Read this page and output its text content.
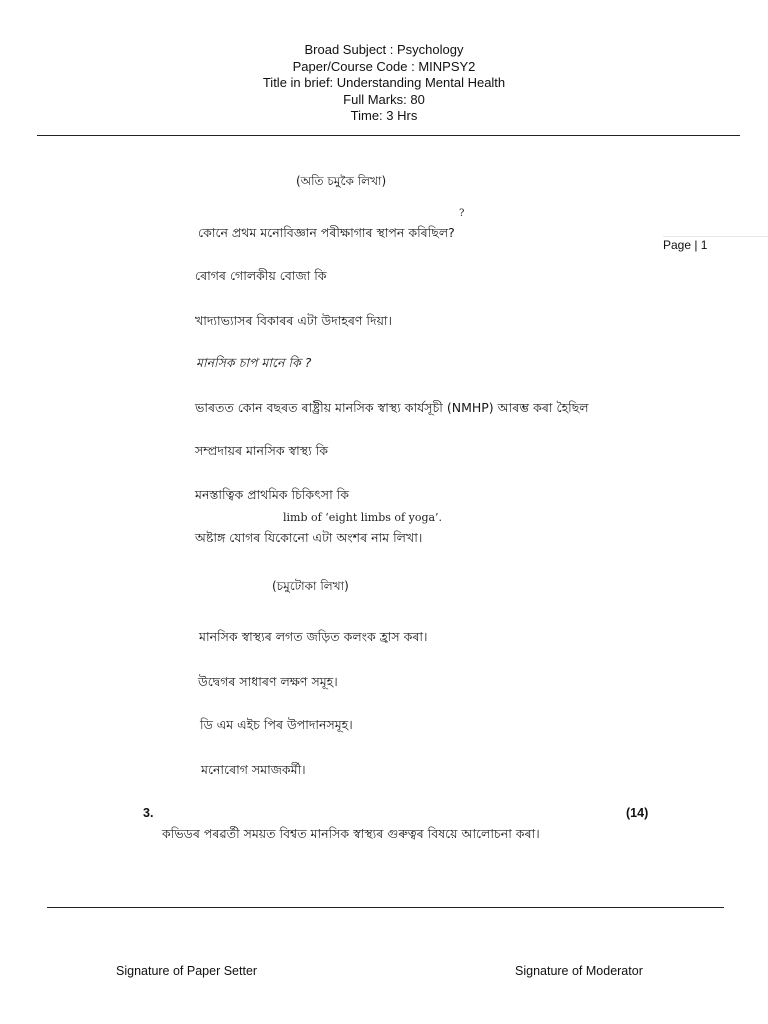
Broad Subject : Psychology
Paper/Course Code : MINPSY2
Title in brief: Understanding Mental Health
Full Marks: 80
Time: 3 Hrs
Page | 1
(অতি চমুকৈ লিখা)
?
কোনে প্ৰথম মনোবিজ্ঞান পৰীক্ষাগাৰ স্থাপন কৰিছিল?
ৰোগৰ গোলকীয় বোজা কি
খাদ্যাভ্যাসৰ বিকাৰৰ এটা উদাহৰণ দিয়া।
মানসিক চাপ মানে কি ?
ভাৰতত কোন বছৰত ৰাষ্ট্ৰীয় মানসিক স্বাস্থ্য কাৰ্যসূচী (NMHP) আৰম্ভ কৰা হৈছিল
সম্প্ৰদায়ৰ মানসিক স্বাস্থ্য কি
মনস্তাত্বিক প্ৰাথমিক চিকিৎসা কি
limb of ‘eight limbs of yoga’.
অষ্টাঙ্গ যোগৰ যিকোনো এটা অংশৰ নাম লিখা।
(চমুটোকা লিখা)
মানসিক স্বাস্থ্যৰ লগত জড়িত কলংক হ্ৰাস কৰা।
উদ্বেগৰ সাধাৰণ লক্ষণ সমূহ।
ডি এম এইচ পিৰ উপাদানসমূহ।
মনোৰোগ সমাজকৰ্মী।
3.	(14)
কভিডৰ পৰৱৰ্তী সময়ত বিশ্বত মানসিক স্বাস্থ্যৰ গুৰুত্বৰ বিষয়ে আলোচনা কৰা।
Signature of Paper Setter	Signature of Moderator
